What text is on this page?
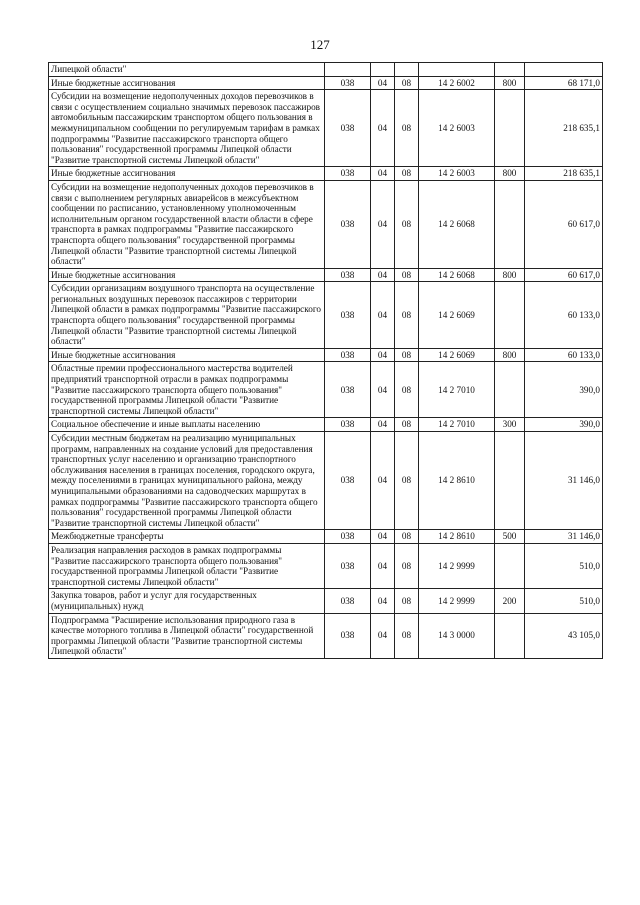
127
Липецкой области"						
Иные бюджетные ассигнования	038	04	08	14 2 6002	800	68 171,0
Субсидии на возмещение недополученных доходов перевозчиков в связи с осуществлением социально значимых перевозок пассажиров автомобильным пассажирским транспортом общего пользования в межмуниципальном сообщении по регулируемым тарифам в рамках подпрограммы "Развитие пассажирского транспорта общего пользования" государственной программы Липецкой области "Развитие транспортной системы Липецкой области"	038	04	08	14 2 6003		218 635,1
Иные бюджетные ассигнования	038	04	08	14 2 6003	800	218 635,1
Субсидии на возмещение недополученных доходов перевозчиков в связи с выполнением регулярных авиарейсов в межсубъектном сообщении по расписанию, установленному уполномоченным исполнительным органом государственной власти области в сфере транспорта в рамках подпрограммы "Развитие пассажирского транспорта общего пользования" государственной программы Липецкой области "Развитие транспортной системы Липецкой области"	038	04	08	14 2 6068		60 617,0
Иные бюджетные ассигнования	038	04	08	14 2 6068	800	60 617,0
Субсидии организациям воздушного транспорта на осуществление региональных воздушных перевозок пассажиров с территории Липецкой области в рамках подпрограммы "Развитие пассажирского транспорта общего пользования" государственной программы Липецкой области "Развитие транспортной системы Липецкой области"	038	04	08	14 2 6069		60 133,0
Иные бюджетные ассигнования	038	04	08	14 2 6069	800	60 133,0
Областные премии профессионального мастерства водителей предприятий транспортной отрасли в рамках подпрограммы "Развитие пассажирского транспорта общего пользования" государственной программы Липецкой области "Развитие транспортной системы Липецкой области"	038	04	08	14 2 7010		390,0
Социальное обеспечение и иные выплаты населению	038	04	08	14 2 7010	300	390,0
Субсидии местным бюджетам на реализацию муниципальных программ, направленных на создание условий для предоставления транспортных услуг населению и организацию транспортного обслуживания населения в границах поселения, городского округа, между поселениями в границах муниципального района, между муниципальными образованиями на садоводческих маршрутах в рамках подпрограммы "Развитие пассажирского транспорта общего пользования" государственной программы Липецкой области "Развитие транспортной системы Липецкой области"	038	04	08	14 2 8610		31 146,0
Межбюджетные трансферты	038	04	08	14 2 8610	500	31 146,0
Реализация направления расходов в рамках подпрограммы "Развитие пассажирского транспорта общего пользования" государственной программы Липецкой области "Развитие транспортной системы Липецкой области"	038	04	08	14 2 9999		510,0
Закупка товаров, работ и услуг для государственных (муниципальных) нужд	038	04	08	14 2 9999	200	510,0
Подпрограмма "Расширение использования природного газа в качестве моторного топлива в Липецкой области" государственной программы Липецкой области "Развитие транспортной системы Липецкой области"	038	04	08	14 3 0000		43 105,0
